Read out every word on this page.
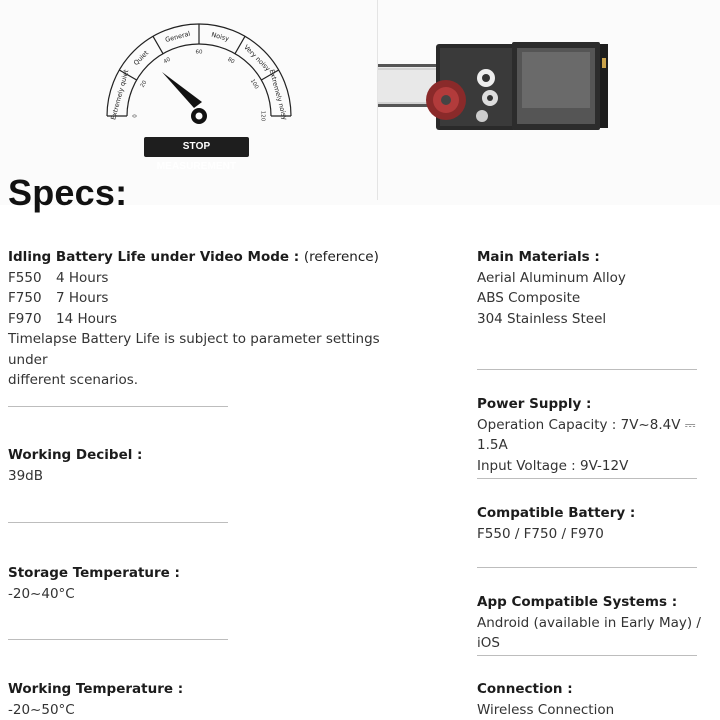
Extremely quiet
Quiet
General	Noisy
Very noisy
Extremely noisy
0
20
40
60
80
100
120
STOP MEASUREMENT
Specs:
Idling Battery Life under Video Mode : (reference)
F550 4 Hours
F750 7 Hours
F970 14 Hours
Timelapse Battery Life is subject to parameter settings under
different scenarios.
Working Decibel :
39dB
Storage Temperature :
-20~40°C
Working Temperature :
-20~50°C
Main Materials :
Aerial Aluminum Alloy
ABS Composite
304 Stainless Steel
Power Supply :
Operation Capacity : 7V~8.4V ⎓ 1.5A
Input Voltage : 9V-12V
Compatible Battery :
F550 / F750 / F970
App Compatible Systems :
Android (available in Early May) / iOS
Connection :
Wireless Connection
